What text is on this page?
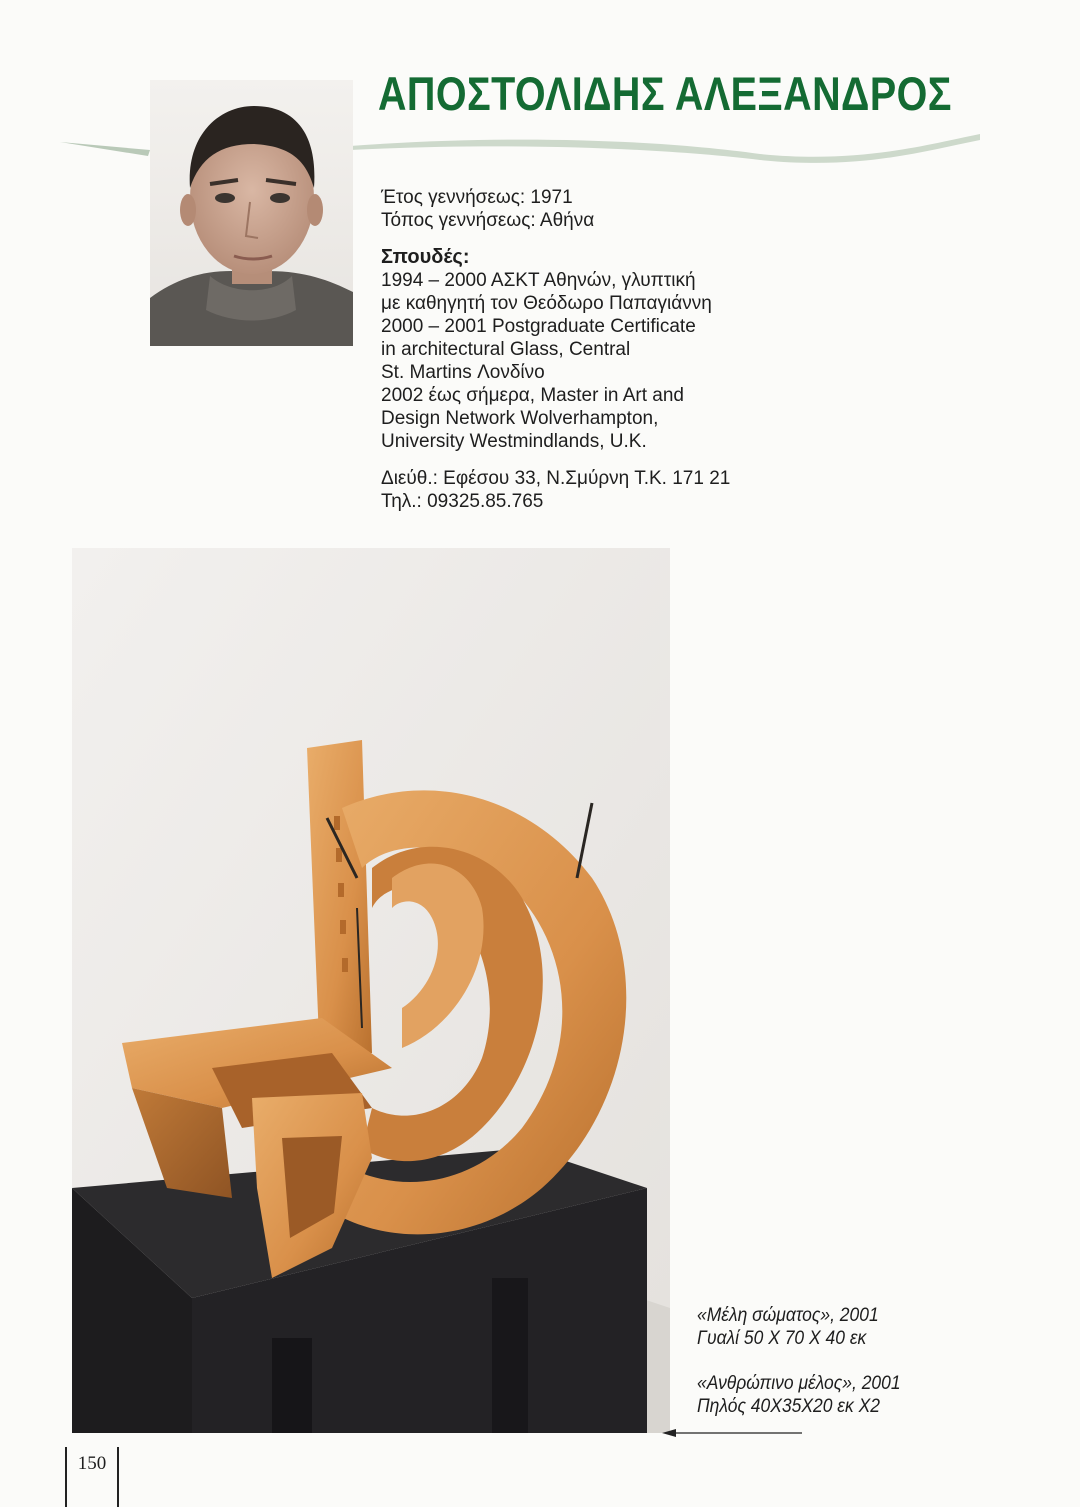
ΑΠΟΣΤΟΛΙΔΗΣ ΑΛΕΞΑΝΔΡΟΣ

Έτος γεννήσεως: 1971

Τόπος γεννήσεως: Αθήνα

Σπουδές:

1994 – 2000 ΑΣΚΤ Αθηνών, γλυπτική

με καθηγητή τον Θεόδωρο Παπαγιάννη

2000 – 2001 Postgraduate Certificate

in architectural Glass, Central

St. Martins Λονδίνο

2002 έως σήμερα, Master in Art and

Design Network Wolverhampton,

University Westmindlands, U.K.

Διεύθ.: Εφέσου 33, Ν.Σμύρνη Τ.Κ. 171 21

Τηλ.: 09325.85.765

«Μέλη σώματος», 2001

Γυαλί 50 Χ 70 Χ 40 εκ

«Ανθρώπινο μέλος», 2001

Πηλός 40Χ35Χ20 εκ Χ2

150
